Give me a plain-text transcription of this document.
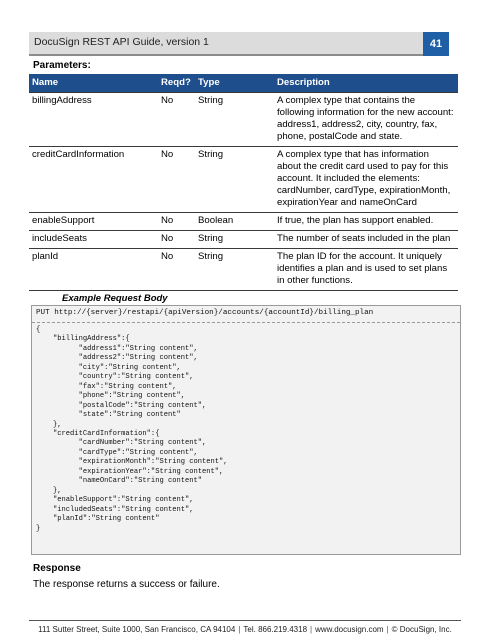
DocuSign REST API Guide, version 1	41
Parameters:
Name	Reqd?	Type	Description
billingAddress	No	String	A complex type that contains the following information for the new account: address1, address2, city, country, fax, phone, postalCode and state.
creditCardInformation	No	String	A complex type that has information about the credit card used to pay for this account. It included the elements: cardNumber, cardType, expirationMonth, expirationYear and nameOnCard
enableSupport	No	Boolean	If true, the plan has support enabled.
includeSeats	No	String	The number of seats included in the plan
planId	No	String	The plan ID for the account. It uniquely identifies a plan and is used to set plans in other functions.
Example Request Body
PUT http://{server}/restapi/{apiVersion}/accounts/{accountId}/billing_plan
{
"billingAddress":{
"address1":"String content",
"address2":"String content",
"city":"String content",
"country":"String content",
"fax":"String content",
"phone":"String content",
"postalCode":"String content",
"state":"String content"
},
"creditCardInformation":{
"cardNumber":"String content",
"cardType":"String content",
"expirationMonth":"String content",
"expirationYear":"String content",
"nameOnCard":"String content"
},
"enableSupport":"String content",
"includedSeats":"String content",
"planId":"String content"
}
Response
The response returns a success or failure.
111 Sutter Street, Suite 1000, San Francisco, CA 94104 | Tel. 866.219.4318 | www.docusign.com | © DocuSign, Inc.
